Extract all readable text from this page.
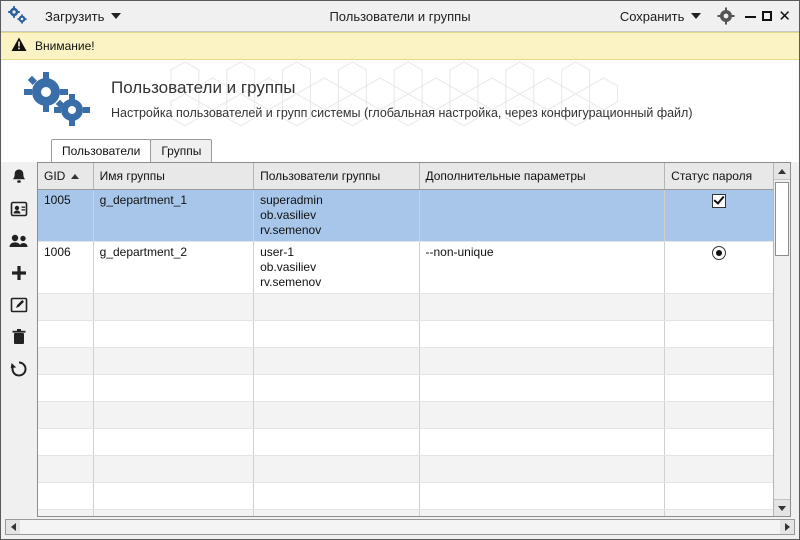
Загрузить	Пользователи и группы	Сохранить	✕
Внимание!
Пользователи и группы
Настройка пользователей и групп системы (глобальная настройка, через конфигурационный файл)
Пользователи	Группы
GID	Имя группы	Пользователи группы	Дополнительные параметры	Статус пароля
1005	g_department_1	superadmin
ob.vasiliev
rv.semenov		

1006	g_department_2	user-1
ob.vasiliev
rv.semenov	--non-unique	
